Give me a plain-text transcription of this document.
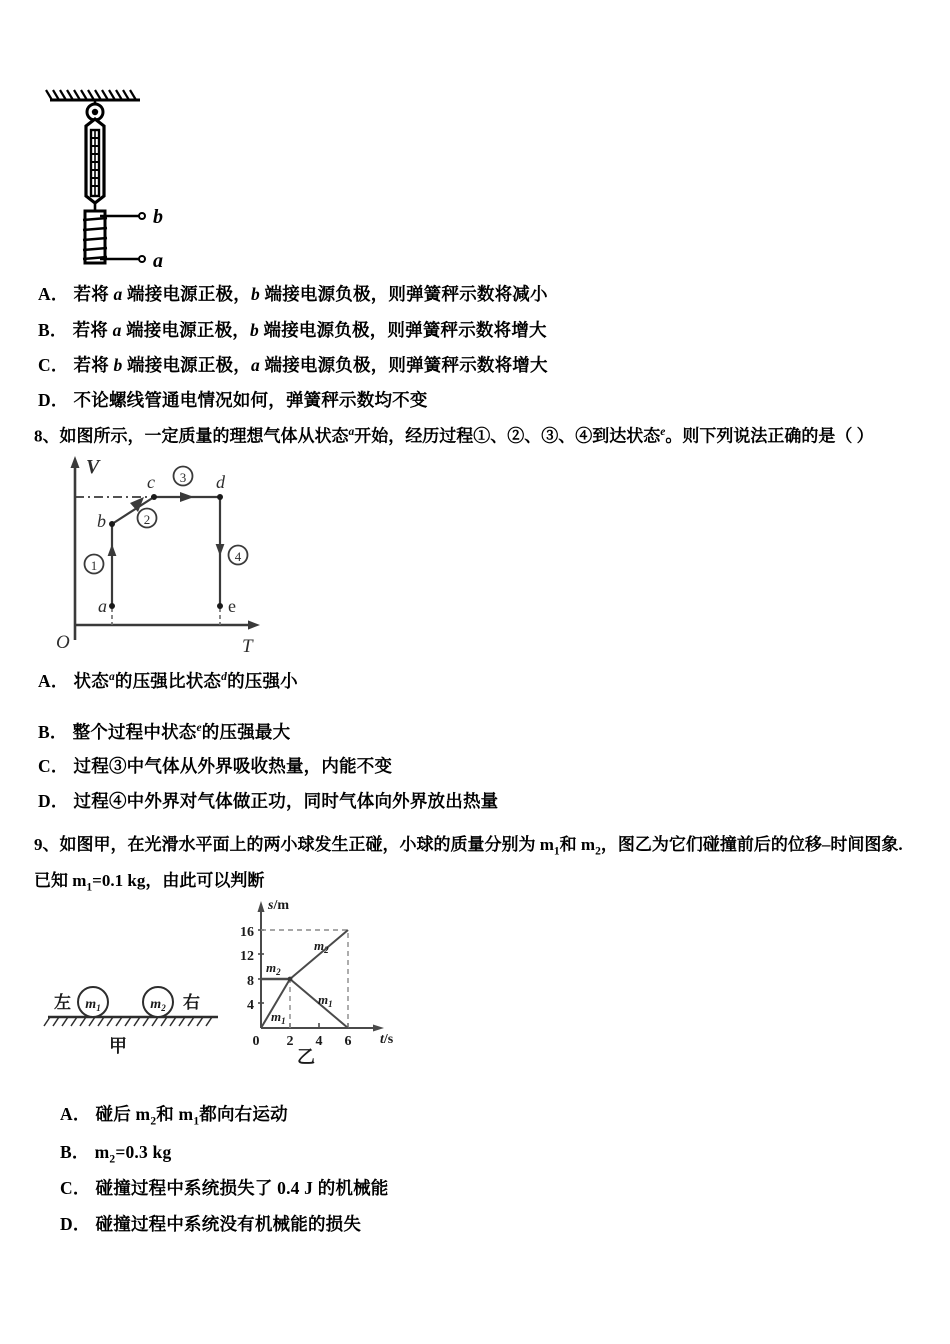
b
a
A． 若将 a 端接电源正极，b 端接电源负极，则弹簧秤示数将减小
B． 若将 a 端接电源正极，b 端接电源负极，则弹簧秤示数将增大
C． 若将 b 端接电源正极，a 端接电源负极，则弹簧秤示数将增大
D． 不论螺线管通电情况如何，弹簧秤示数均不变
8、如图所示，一定质量的理想气体从状态$^a$开始，经历过程①、②、③、④到达状态$^e$。则下列说法正确的是（ ）
V
O	T
a
b
c	d
e
1
2
3
4
A． 状态$^a$的压强比状态$^d$的压强小
B． 整个过程中状态$^e$的压强最大
C． 过程③中气体从外界吸收热量，内能不变
D． 过程④中外界对气体做正功，同时气体向外界放出热量
9、如图甲，在光滑水平面上的两小球发生正碰，小球的质量分别为 $m_1$和 $m_2$，图乙为它们碰撞前后的位移–时间图象.
已知 $m_1=0.1$ kg，由此可以判断
$m_1$	$m_2$
左	右
甲
s/m
t/s
4
8
12
16
0 2 4 6
$m_1$
$m_2$
$m_2$
$m_1$
乙
A． 碰后 $m_2$和 $m_1$都向右运动
B． $m_2=0.3$ kg
C． 碰撞过程中系统损失了 0.4 J 的机械能
D． 碰撞过程中系统没有机械能的损失
